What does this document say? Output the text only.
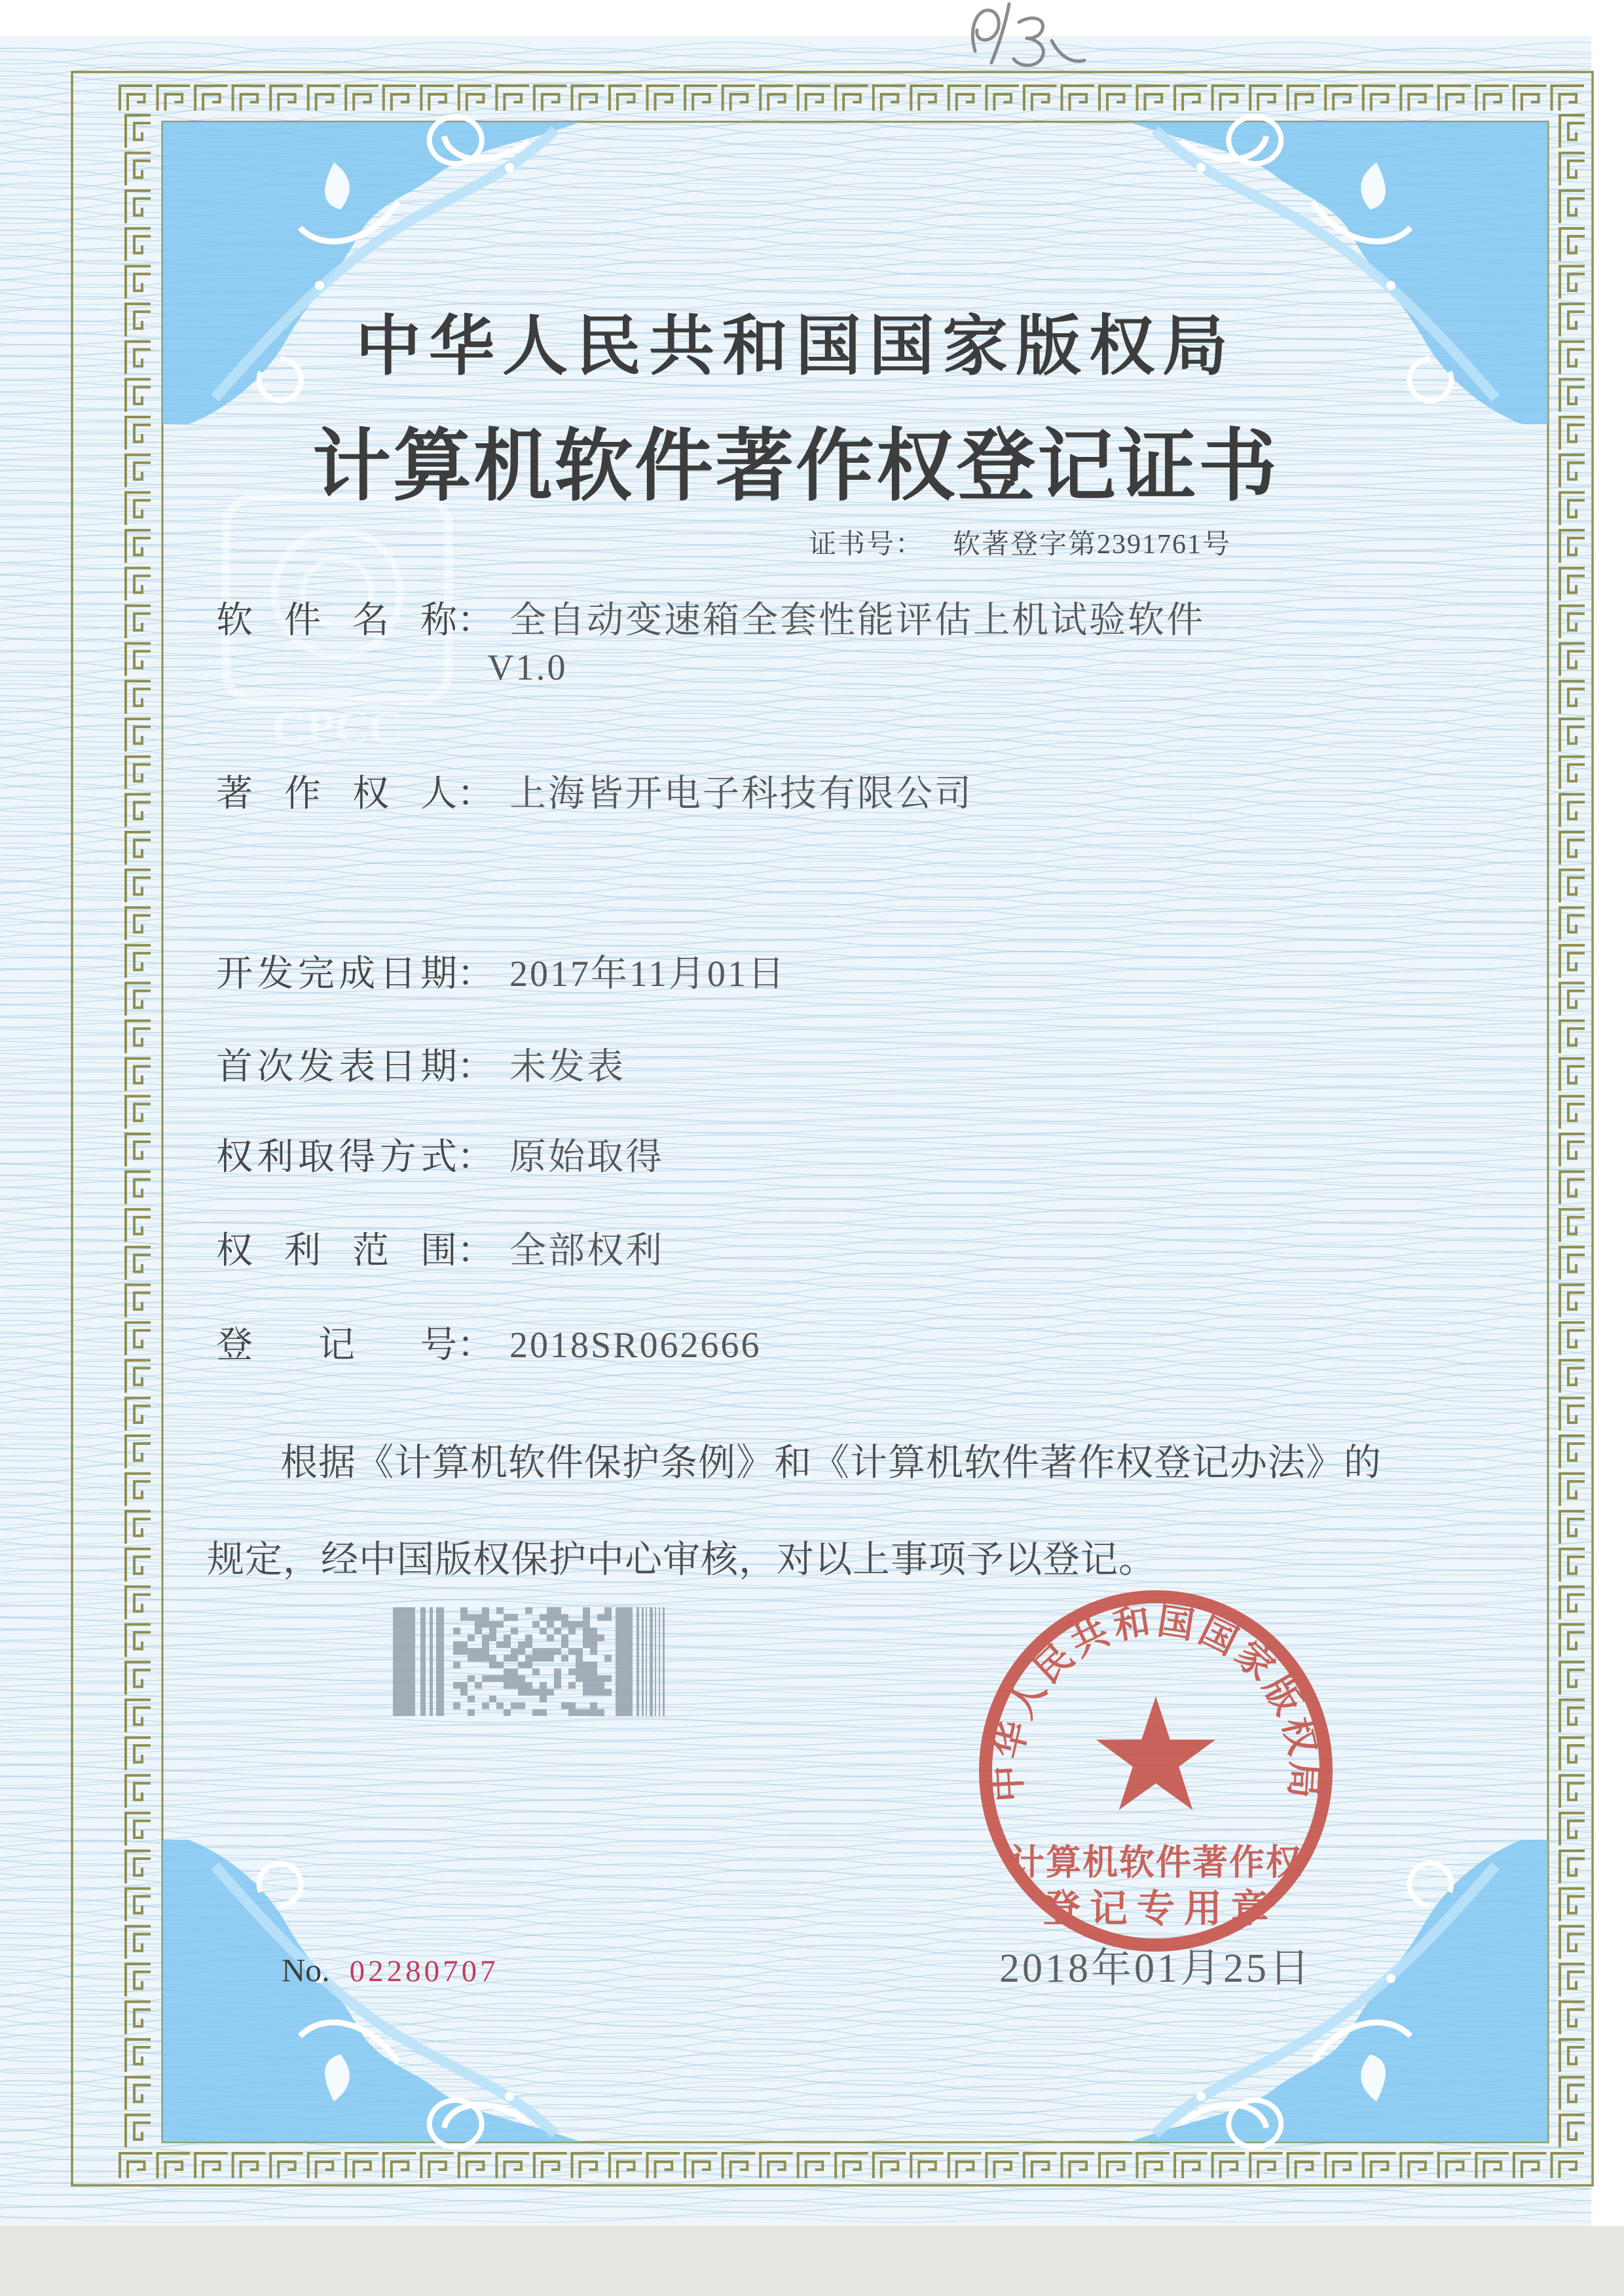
CPCC
中华人民共和国国家版权局
计算机软件著作权登记证书
证书号： 软著登字第2391761号
软件名称： 全自动变速箱全套性能评估上机试验软件
V1.0
著作权人： 上海皆开电子科技有限公司
开发完成日期： 2017年11月01日
首次发表日期： 未发表
权利取得方式： 原始取得
权利范围： 全部权利
登记号： 2018SR062666
根据《计算机软件保护条例》和《计算机软件著作权登记办法》的
规定，经中国版权保护中心审核，对以上事项予以登记。
2018年01月25日
No. 02280707
中华人民共和国国家版权局
计算机软件著作权
登记专用章
